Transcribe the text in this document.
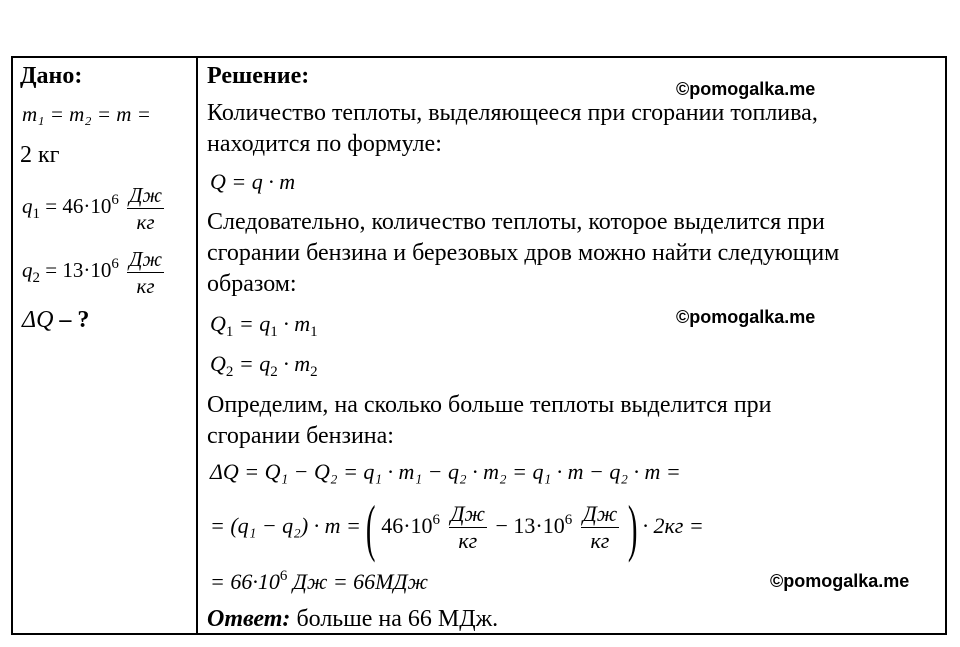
Дано:
m₁ = m₂ = m =
2 кг
$q_1 = 46\cdot 10^6 \frac{Дж}{кг}$
$q_2 = 13\cdot 10^6 \frac{Дж}{кг}$
ΔQ – ?
Решение:	©pomogalka.me
Количество теплоты, выделяющееся при сгорании топлива,
находится по формуле:
Q = q · m
Следовательно, количество теплоты, которое выделится при
сгорании бензина и березовых дров можно найти следующим
образом:
©pomogalka.me
$Q_1 = q_1 \cdot m_1$
$Q_2 = q_2 \cdot m_2$
Определим, на сколько больше теплоты выделится при
сгорании бензина:
ΔQ = Q₁ − Q₂ = q₁ · m₁ − q₂ · m₂ = q₁ · m − q₂ · m =
= (q₁ − q₂) · m = ( $46\cdot 10^6 \frac{Дж}{кг} - 13\cdot 10^6 \frac{Дж}{кг}$ ) · 2кг =
= $66\cdot 10^6$ Дж = 66МДж	©pomogalka.me
Ответ: больше на 66 МДж.
